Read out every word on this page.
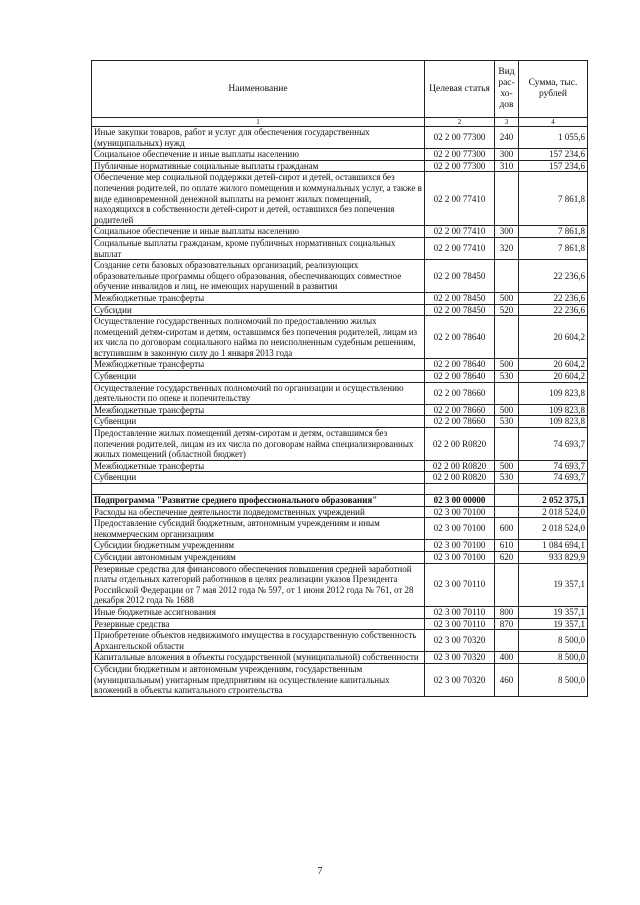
Наименование	Целевая статья	Вид рас-хо-дов	Сумма, тыс. рублей
1	2	3	4
Иные закупки товаров, работ и услуг для обеспечения государственных (муниципальных) нужд	02 2 00 77300	240	1 055,6
Социальное обеспечение и иные выплаты населению	02 2 00 77300	300	157 234,6
Публичные нормативные социальные выплаты гражданам	02 2 00 77300	310	157 234,6
Обеспечение мер социальной поддержки детей-сирот и детей, оставшихся без попечения родителей, по оплате жилого помещения и коммунальных услуг, а также в виде единовременной денежной выплаты на ремонт жилых помещений, находящихся в собственности детей-сирот и детей, оставшихся без попечения родителей	02 2 00 77410		7 861,8
Социальное обеспечение и иные выплаты населению	02 2 00 77410	300	7 861,8
Социальные выплаты гражданам, кроме публичных нормативных социальных выплат	02 2 00 77410	320	7 861,8
Создание сети базовых образовательных организаций, реализующих образовательные программы общего образования, обеспечивающих совместное обучение инвалидов и лиц, не имеющих нарушений в развитии	02 2 00 78450		22 236,6
Межбюджетные трансферты	02 2 00 78450	500	22 236,6
Субсидии	02 2 00 78450	520	22 236,6
Осуществление государственных полномочий по предоставлению жилых помещений детям-сиротам и детям, оставшимся без попечения родителей, лицам из их числа по договорам социального найма по неисполненным судебным решениям, вступившим в законную силу до 1 января 2013 года	02 2 00 78640		20 604,2
Межбюджетные трансферты	02 2 00 78640	500	20 604,2
Субвенции	02 2 00 78640	530	20 604,2
Осуществление государственных полномочий по организации и осуществлению деятельности по опеке и попечительству	02 2 00 78660		109 823,8
Межбюджетные трансферты	02 2 00 78660	500	109 823,8
Субвенции	02 2 00 78660	530	109 823,8
Предоставление жилых помещений детям-сиротам и детям, оставшимся без попечения родителей, лицам из их числа по договорам найма специализированных жилых помещений (областной бюджет)	02 2 00 R0820		74 693,7
Межбюджетные трансферты	02 2 00 R0820	500	74 693,7
Субвенции	02 2 00 R0820	530	74 693,7

Подпрограмма "Развитие среднего профессионального образования"	02 3 00 00000		2 052 375,1
Расходы на обеспечение деятельности подведомственных учреждений	02 3 00 70100		2 018 524,0
Предоставление субсидий бюджетным, автономным учреждениям и иным некоммерческим организациям	02 3 00 70100	600	2 018 524,0
Субсидии бюджетным учреждениям	02 3 00 70100	610	1 084 694,1
Субсидии автономным учреждениям	02 3 00 70100	620	933 829,9
Резервные средства для финансового обеспечения повышения средней заработной платы отдельных категорий работников в целях реализации указов Президента Российской Федерации от 7 мая 2012 года № 597, от 1 июня 2012 года № 761, от 28 декабря 2012 года № 1688	02 3 00 70110		19 357,1
Иные бюджетные ассигнования	02 3 00 70110	800	19 357,1
Резервные средства	02 3 00 70110	870	19 357,1
Приобретение объектов недвижимого имущества в государственную собственность Архангельской области	02 3 00 70320		8 500,0
Капитальные вложения в объекты государственной (муниципальной) собственности	02 3 00 70320	400	8 500,0
Субсидии бюджетным и автономным учреждениям, государственным (муниципальным) унитарным предприятиям на осуществление капитальных вложений в объекты капитального строительства	02 3 00 70320	460	8 500,0
7
